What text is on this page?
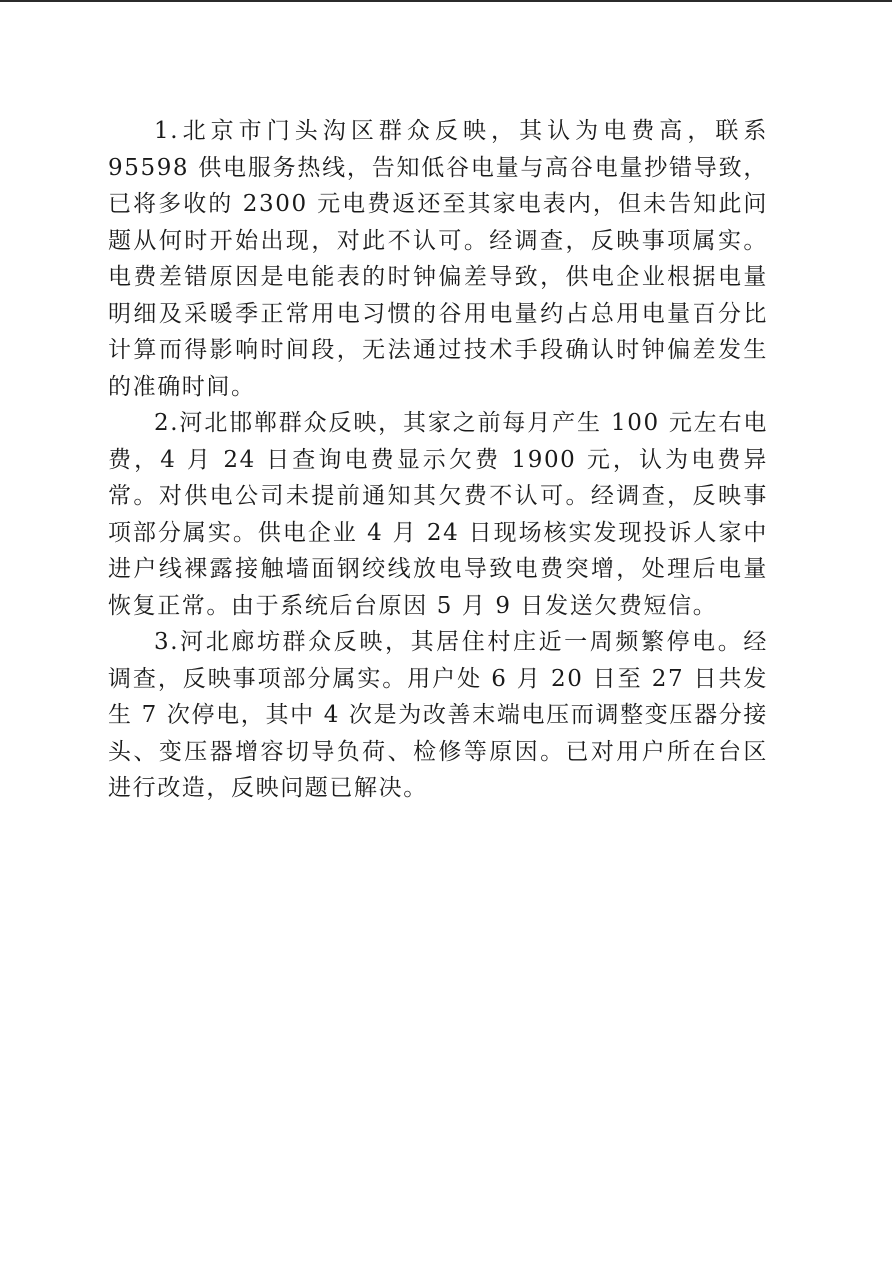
1.北京市门头沟区群众反映，其认为电费高，联系 95598 供电服务热线，告知低谷电量与高谷电量抄错导致，已将多收的 2300 元电费返还至其家电表内，但未告知此问题从何时开始出现，对此不认可。经调查，反映事项属实。电费差错原因是电能表的时钟偏差导致，供电企业根据电量明细及采暖季正常用电习惯的谷用电量约占总用电量百分比计算而得影响时间段，无法通过技术手段确认时钟偏差发生的准确时间。

2.河北邯郸群众反映，其家之前每月产生 100 元左右电费，4 月 24 日查询电费显示欠费 1900 元，认为电费异常。对供电公司未提前通知其欠费不认可。经调查，反映事项部分属实。供电企业 4 月 24 日现场核实发现投诉人家中进户线裸露接触墙面钢绞线放电导致电费突增，处理后电量恢复正常。由于系统后台原因 5 月 9 日发送欠费短信。

3.河北廊坊群众反映，其居住村庄近一周频繁停电。经调查，反映事项部分属实。用户处 6 月 20 日至 27 日共发生 7 次停电，其中 4 次是为改善末端电压而调整变压器分接头、变压器增容切导负荷、检修等原因。已对用户所在台区进行改造，反映问题已解决。
